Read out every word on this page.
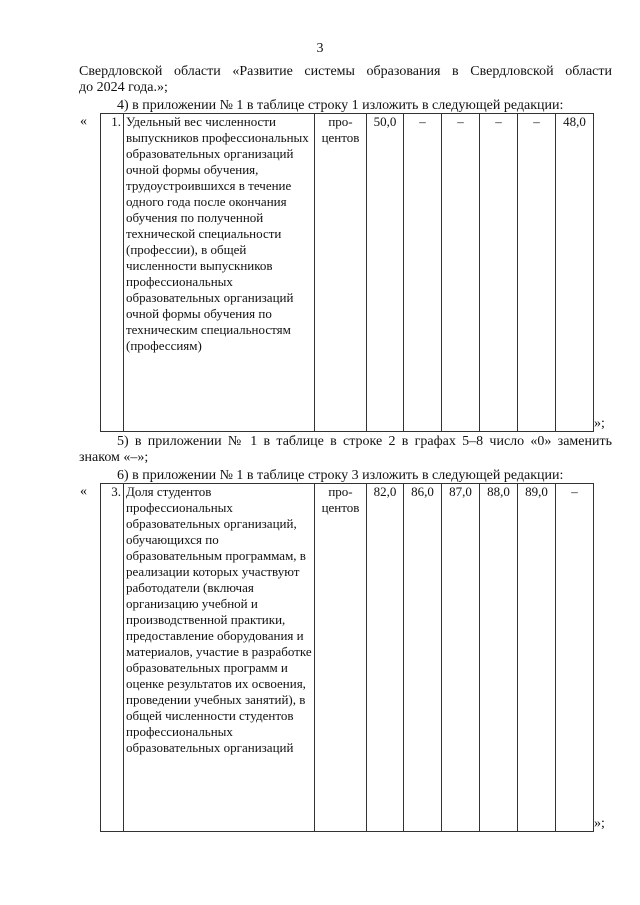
3
Свердловской области «Развитие системы образования в Свердловской области
до 2024 года.»;
4) в приложении № 1 в таблице строку 1 изложить в следующей редакции:
« 1.	Удельный вес численности выпускников профессиональных образовательных организаций очной формы обучения, трудоустроившихся в течение одного года после окончания обучения по полученной технической специальности (профессии), в общей численности выпускников профессиональных образовательных организаций очной формы обучения по техническим специальностям (профессиям)	про-центов	50,0	–	–	–	–	48,0
»;
5) в приложении № 1 в таблице в строке 2 в графах 5–8 число «0» заменить
знаком «–»;
6) в приложении № 1 в таблице строку 3 изложить в следующей редакции:
« 3.	Доля студентов профессиональных образовательных организаций, обучающихся по образовательным программам, в реализации которых участвуют работодатели (включая организацию учебной и производственной практики, предоставление оборудования и материалов, участие в разработке образовательных программ и оценке результатов их освоения, проведении учебных занятий), в общей численности студентов профессиональных образовательных организаций	про-центов	82,0	86,0	87,0	88,0	89,0	–
»;
